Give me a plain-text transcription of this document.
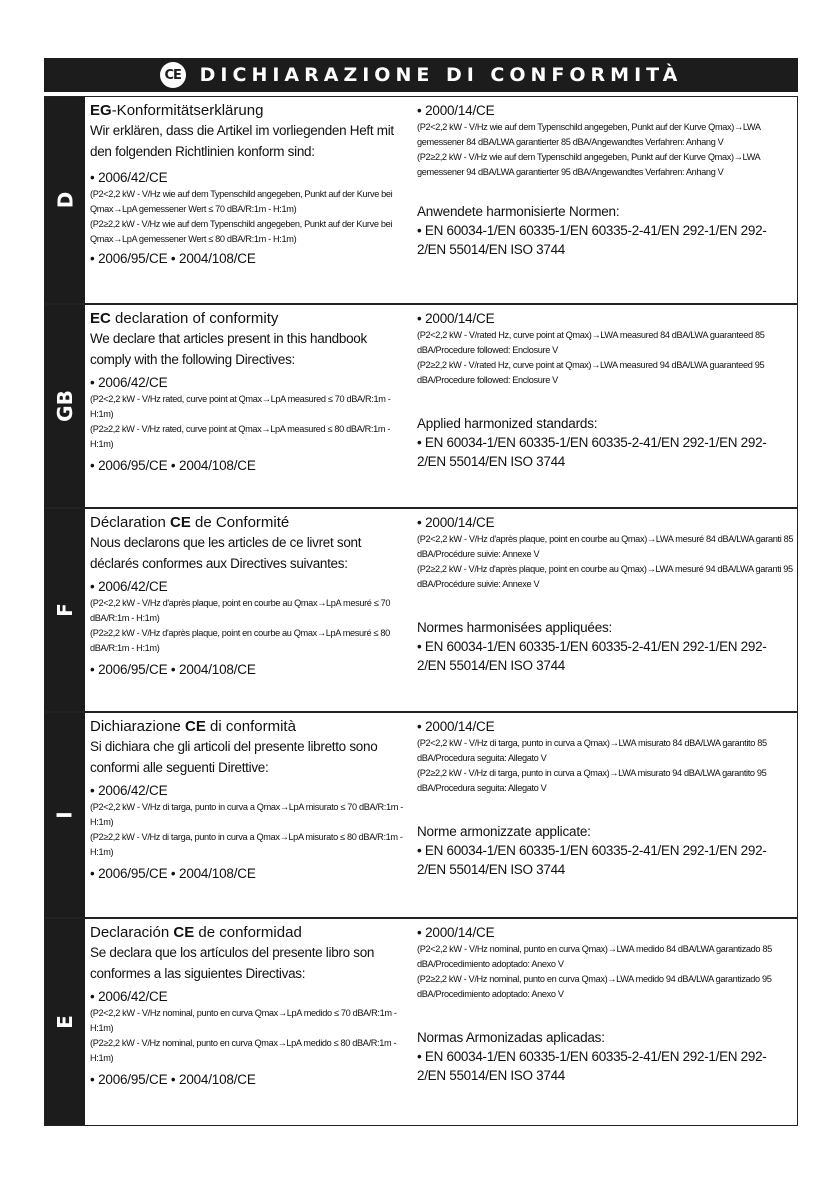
CE DICHIARAZIONE DI CONFORMITÀ
D

EG-Konformitätserklärung

Wir erklären, dass die Artikel im vorliegenden Heft mit den folgenden Richtlinien konform sind:

• 2006/42/CE

(P2<2,2 kW - V/Hz wie auf dem Typenschild angegeben, Punkt auf der Kurve bei Qmax→LpA gemessener Wert ≤ 70 dBA/R:1m - H:1m)

(P2≥2,2 kW - V/Hz wie auf dem Typenschild angegeben, Punkt auf der Kurve bei Qmax→LpA gemessener Wert ≤ 80 dBA/R:1m - H:1m)

• 2006/95/CE • 2004/108/CE

• 2000/14/CE

(P2<2,2 kW - V/Hz wie auf dem Typenschild angegeben, Punkt auf der Kurve Qmax)→LWA gemessener 84 dBA/LWA garantierter 85 dBA/Angewandtes Verfahren: Anhang V

(P2≥2,2 kW - V/Hz wie auf dem Typenschild angegeben, Punkt auf der Kurve Qmax)→LWA gemessener 94 dBA/LWA garantierter 95 dBA/Angewandtes Verfahren: Anhang V

Anwendete harmonisierte Normen:

• EN 60034-1/EN 60335-1/EN 60335-2-41/EN 292-1/EN 292-2/EN 55014/EN ISO 3744

GB

EC declaration of conformity

We declare that articles present in this handbook comply with the following Directives:

• 2006/42/CE

(P2<2,2 kW - V/Hz rated, curve point at Qmax→LpA measured ≤ 70 dBA/R:1m - H:1m)

(P2≥2,2 kW - V/Hz rated, curve point at Qmax→LpA measured ≤ 80 dBA/R:1m - H:1m)

• 2006/95/CE • 2004/108/CE

• 2000/14/CE

(P2<2,2 kW - V/rated Hz, curve point at Qmax)→LWA measured 84 dBA/LWA guaranteed 85 dBA/Procedure followed: Enclosure V

(P2≥2,2 kW - V/rated Hz, curve point at Qmax)→LWA measured 94 dBA/LWA guaranteed 95 dBA/Procedure followed: Enclosure V

Applied harmonized standards:

• EN 60034-1/EN 60335-1/EN 60335-2-41/EN 292-1/EN 292-2/EN 55014/EN ISO 3744

F

Déclaration CE de Conformité

Nous declarons que les articles de ce livret sont déclarés conformes aux Directives suivantes:

• 2006/42/CE

(P2<2,2 kW - V/Hz d'après plaque, point en courbe au Qmax→LpA mesuré ≤ 70 dBA/R:1m - H:1m)

(P2≥2,2 kW - V/Hz d'après plaque, point en courbe au Qmax→LpA mesuré ≤ 80 dBA/R:1m - H:1m)

• 2006/95/CE • 2004/108/CE

• 2000/14/CE

(P2<2,2 kW - V/Hz d'après plaque, point en courbe au Qmax)→LWA mesuré 84 dBA/LWA garanti 85 dBA/Procédure suivie: Annexe V

(P2≥2,2 kW - V/Hz d'après plaque, point en courbe au Qmax)→LWA mesuré 94 dBA/LWA garanti 95 dBA/Procédure suivie: Annexe V

Normes harmonisées appliquées:

• EN 60034-1/EN 60335-1/EN 60335-2-41/EN 292-1/EN 292-2/EN 55014/EN ISO 3744

I

Dichiarazione CE di conformità

Si dichiara che gli articoli del presente libretto sono conformi alle seguenti Direttive:

• 2006/42/CE

(P2<2,2 kW - V/Hz di targa, punto in curva a Qmax→LpA misurato ≤ 70 dBA/R:1m - H:1m)

(P2≥2,2 kW - V/Hz di targa, punto in curva a Qmax→LpA misurato ≤ 80 dBA/R:1m - H:1m)

• 2006/95/CE • 2004/108/CE

• 2000/14/CE

(P2<2,2 kW - V/Hz di targa, punto in curva a Qmax)→LWA misurato 84 dBA/LWA garantito 85 dBA/Procedura seguita: Allegato V

(P2≥2,2 kW - V/Hz di targa, punto in curva a Qmax)→LWA misurato 94 dBA/LWA garantito 95 dBA/Procedura seguita: Allegato V

Norme armonizzate applicate:

• EN 60034-1/EN 60335-1/EN 60335-2-41/EN 292-1/EN 292-2/EN 55014/EN ISO 3744

E

Declaración CE de conformidad

Se declara que los artículos del presente libro son conformes a las siguientes Directivas:

• 2006/42/CE

(P2<2,2 kW - V/Hz nominal, punto en curva Qmax→LpA medido ≤ 70 dBA/R:1m - H:1m)

(P2≥2,2 kW - V/Hz nominal, punto en curva Qmax→LpA medido ≤ 80 dBA/R:1m - H:1m)

• 2006/95/CE • 2004/108/CE

• 2000/14/CE

(P2<2,2 kW - V/Hz nominal, punto en curva Qmax)→LWA medido 84 dBA/LWA garantizado 85 dBA/Procedimiento adoptado: Anexo V

(P2≥2,2 kW - V/Hz nominal, punto en curva Qmax)→LWA medido 94 dBA/LWA garantizado 95 dBA/Procedimiento adoptado: Anexo V

Normas Armonizadas aplicadas:

• EN 60034-1/EN 60335-1/EN 60335-2-41/EN 292-1/EN 292-2/EN 55014/EN ISO 3744
